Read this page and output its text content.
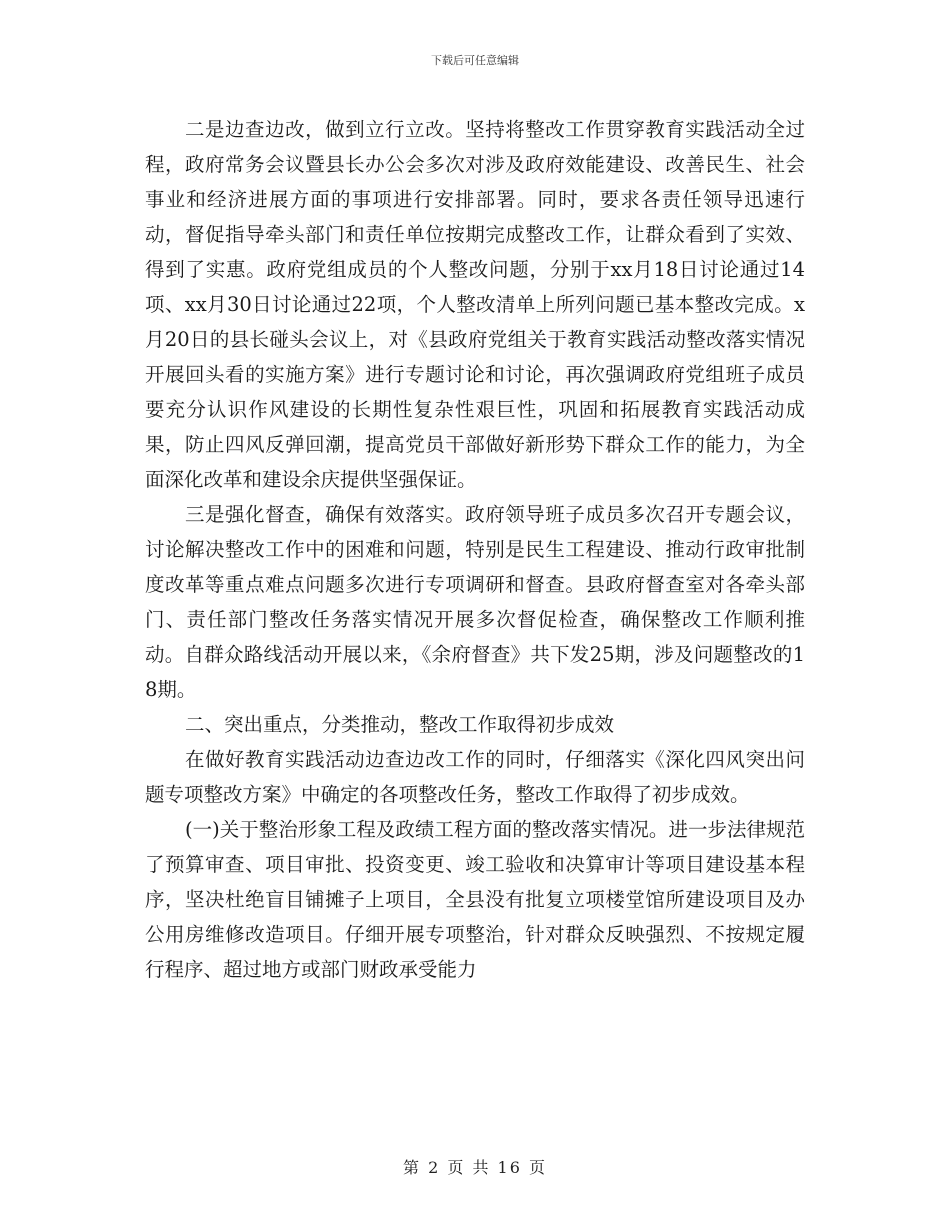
下载后可任意编辑

二是边查边改，做到立行立改。坚持将整改工作贯穿教育实践活动全过程，政府常务会议暨县长办公会多次对涉及政府效能建设、改善民生、社会事业和经济进展方面的事项进行安排部署。同时，要求各责任领导迅速行动，督促指导牵头部门和责任单位按期完成整改工作，让群众看到了实效、得到了实惠。政府党组成员的个人整改问题，分别于xx月18日讨论通过14项、xx月30日讨论通过22项，个人整改清单上所列问题已基本整改完成。x月20日的县长碰头会议上，对《县政府党组关于教育实践活动整改落实情况开展回头看的实施方案》进行专题讨论和讨论，再次强调政府党组班子成员要充分认识作风建设的长期性复杂性艰巨性，巩固和拓展教育实践活动成果，防止四风反弹回潮，提高党员干部做好新形势下群众工作的能力，为全面深化改革和建设余庆提供坚强保证。

三是强化督查，确保有效落实。政府领导班子成员多次召开专题会议，讨论解决整改工作中的困难和问题，特别是民生工程建设、推动行政审批制度改革等重点难点问题多次进行专项调研和督查。县政府督查室对各牵头部门、责任部门整改任务落实情况开展多次督促检查，确保整改工作顺利推动。自群众路线活动开展以来，《余府督查》共下发25期，涉及问题整改的18期。

二、突出重点，分类推动，整改工作取得初步成效

在做好教育实践活动边查边改工作的同时，仔细落实《深化四风突出问题专项整改方案》中确定的各项整改任务，整改工作取得了初步成效。

(一)关于整治形象工程及政绩工程方面的整改落实情况。进一步法律规范了预算审查、项目审批、投资变更、竣工验收和决算审计等项目建设基本程序，坚决杜绝盲目铺摊子上项目，全县没有批复立项楼堂馆所建设项目及办公用房维修改造项目。仔细开展专项整治，针对群众反映强烈、不按规定履行程序、超过地方或部门财政承受能力

第 2 页 共 16 页
